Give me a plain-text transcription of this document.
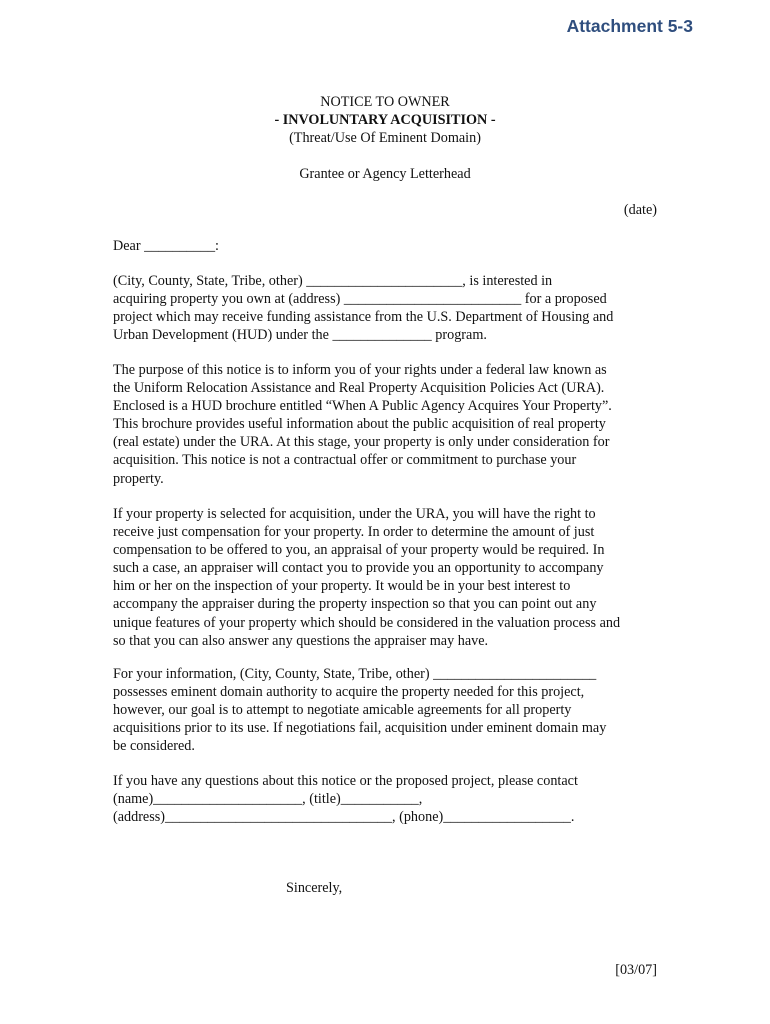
Attachment 5-3
NOTICE TO OWNER
- INVOLUNTARY ACQUISITION -
(Threat/Use Of Eminent Domain)
Grantee or Agency Letterhead
(date)
Dear __________:
(City, County, State, Tribe, other) ______________________, is interested in
acquiring property you own at (address) _________________________ for a proposed
project which may receive funding assistance from the U.S. Department of Housing and
Urban Development (HUD) under the ______________ program.
The purpose of this notice is to inform you of your rights under a federal law known as
the Uniform Relocation Assistance and Real Property Acquisition Policies Act (URA).
Enclosed is a HUD brochure entitled “When A Public Agency Acquires Your Property”.
This brochure provides useful information about the public acquisition of real property
(real estate) under the URA. At this stage, your property is only under consideration for
acquisition. This notice is not a contractual offer or commitment to purchase your
property.
If your property is selected for acquisition, under the URA, you will have the right to
receive just compensation for your property. In order to determine the amount of just
compensation to be offered to you, an appraisal of your property would be required. In
such a case, an appraiser will contact you to provide you an opportunity to accompany
him or her on the inspection of your property. It would be in your best interest to
accompany the appraiser during the property inspection so that you can point out any
unique features of your property which should be considered in the valuation process and
so that you can also answer any questions the appraiser may have.
For your information, (City, County, State, Tribe, other) _______________________
possesses eminent domain authority to acquire the property needed for this project,
however, our goal is to attempt to negotiate amicable agreements for all property
acquisitions prior to its use. If negotiations fail, acquisition under eminent domain may
be considered.
If you have any questions about this notice or the proposed project, please contact
(name)_____________________, (title)___________,
(address)________________________________, (phone)__________________.
Sincerely,
[03/07]
